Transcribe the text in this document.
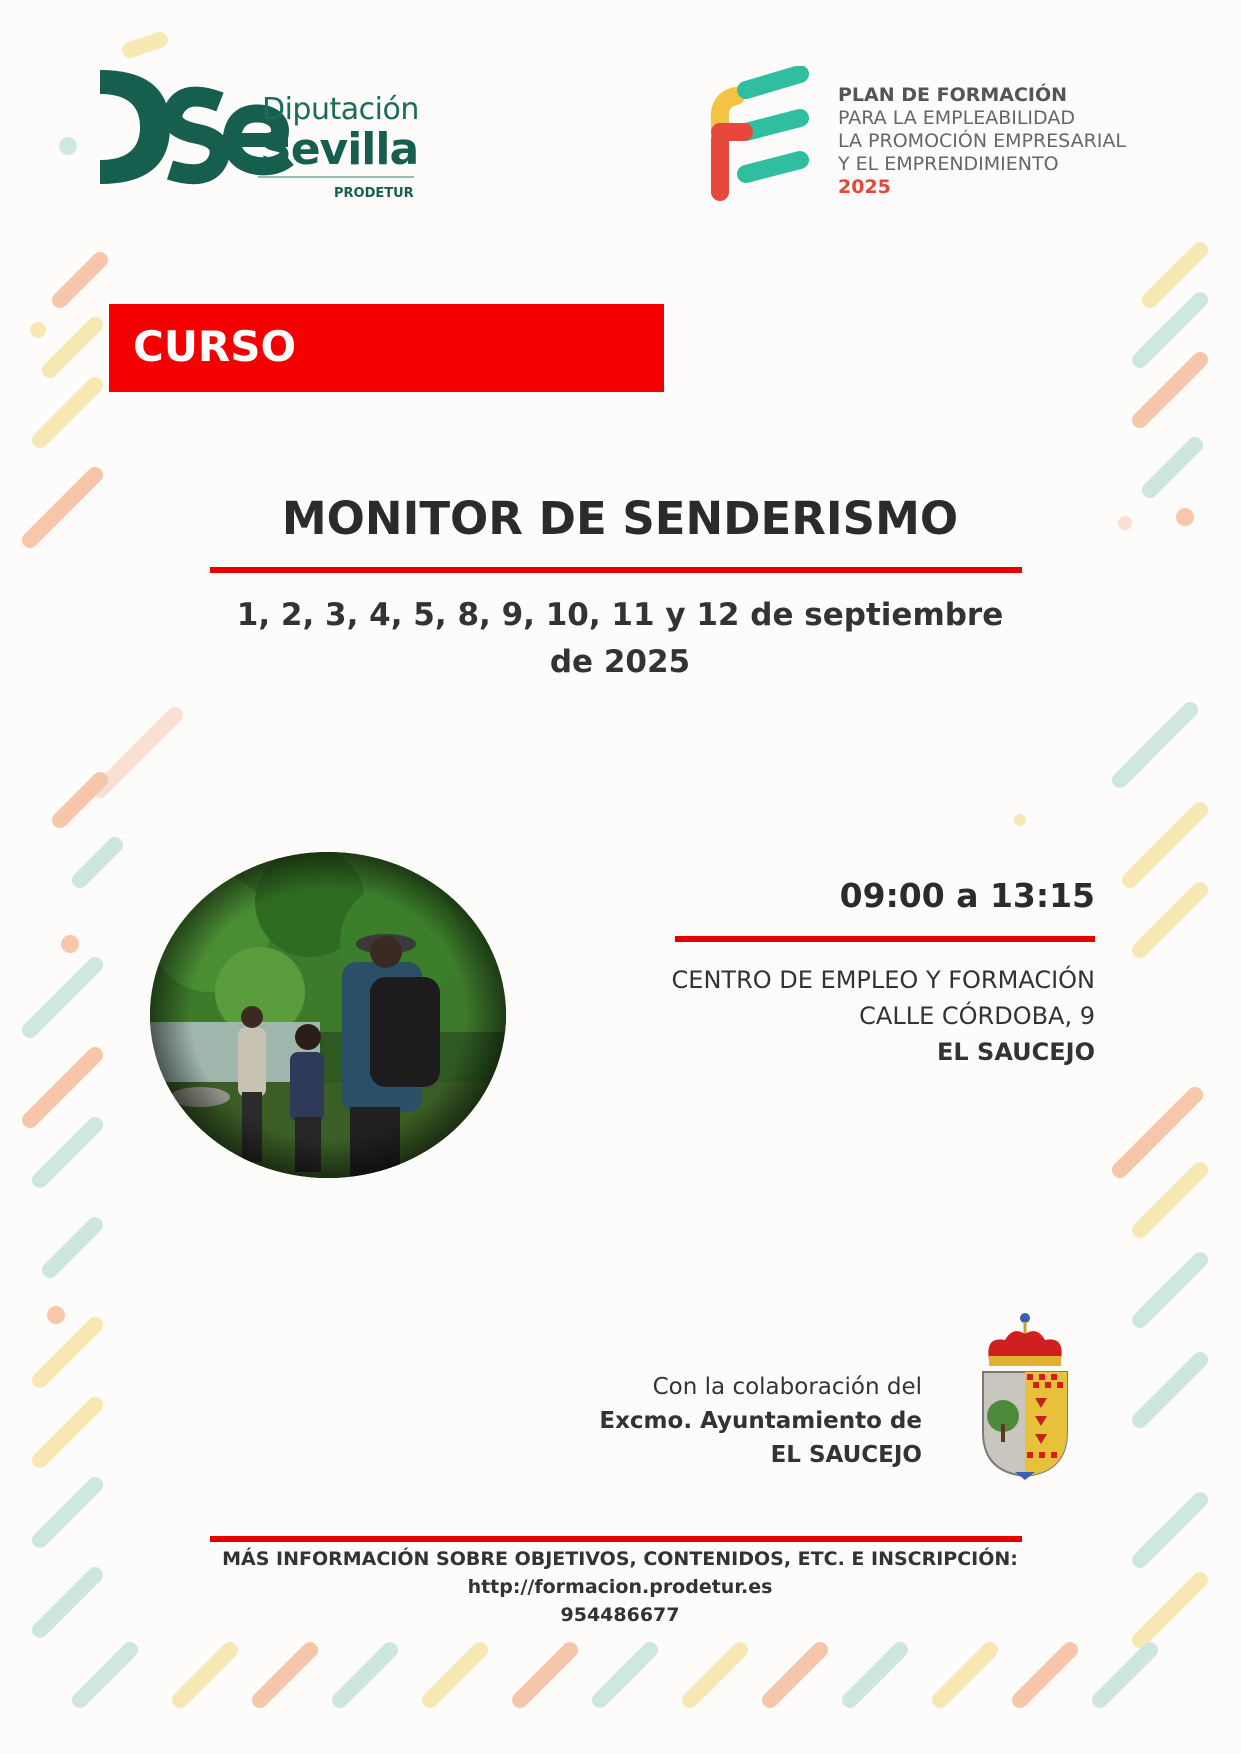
Diputación
Sevilla
PRODETUR
PLAN DE FORMACIÓN
PARA LA EMPLEABILIDAD
LA PROMOCIÓN EMPRESARIAL
Y EL EMPRENDIMIENTO
2025
CURSO
MONITOR DE SENDERISMO
1, 2, 3, 4, 5, 8, 9, 10, 11 y 12 de septiembre de 2025
09:00 a 13:15
CENTRO DE EMPLEO Y FORMACIÓN
CALLE CÓRDOBA, 9
EL SAUCEJO
Con la colaboración del
Excmo. Ayuntamiento de
EL SAUCEJO
MÁS INFORMACIÓN SOBRE OBJETIVOS, CONTENIDOS, ETC. E INSCRIPCIÓN:
http://formacion.prodetur.es
954486677
